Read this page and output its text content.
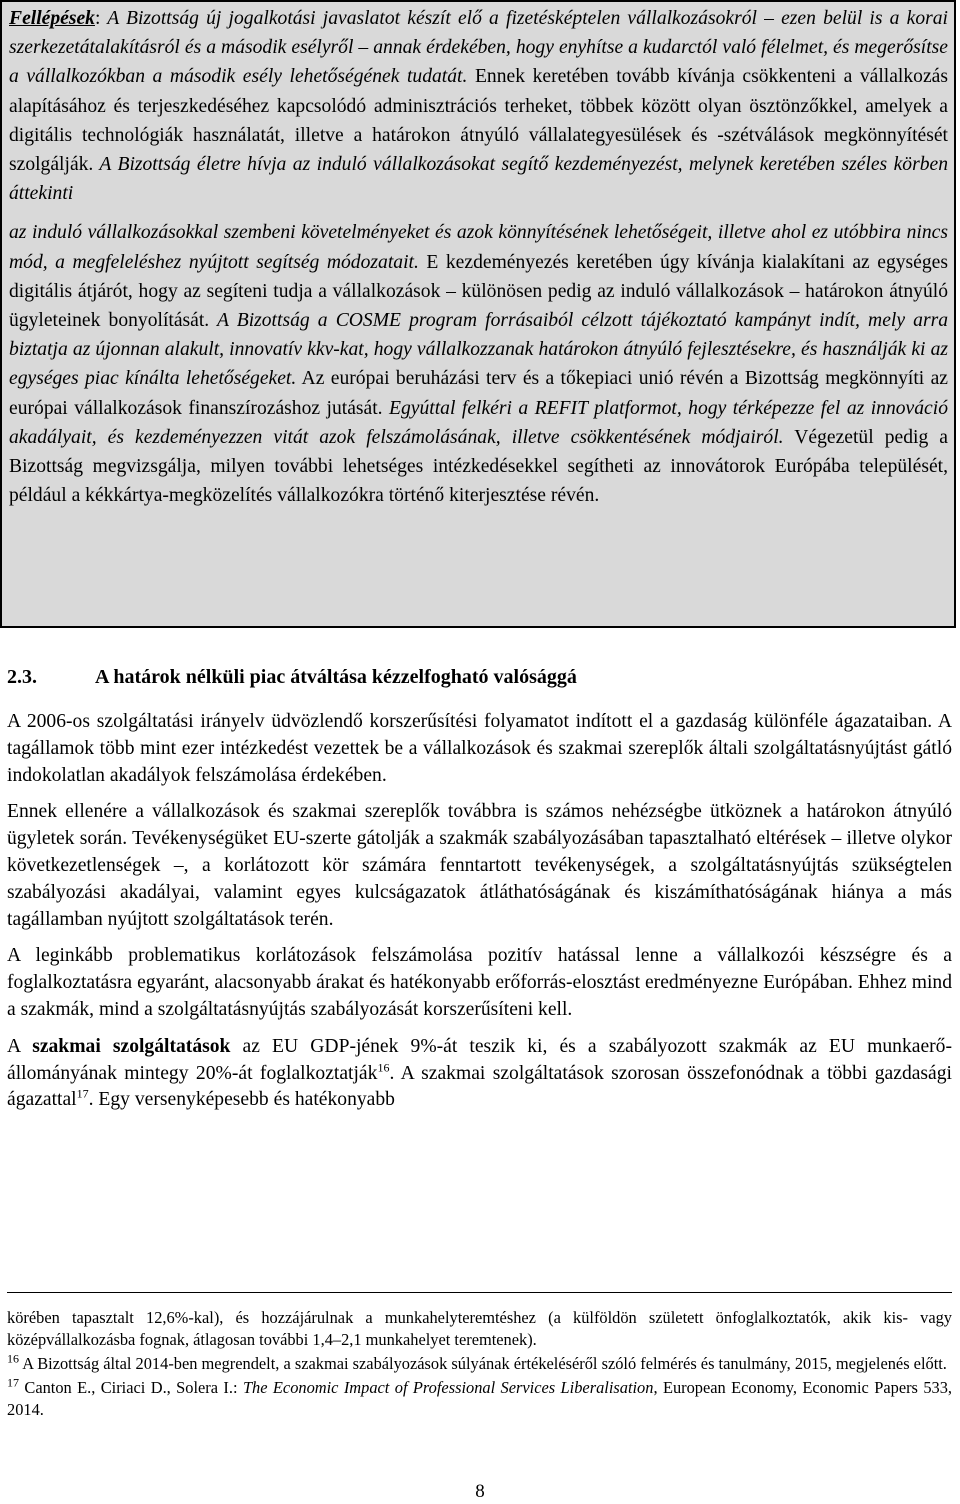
Fellépések: A Bizottság új jogalkotási javaslatot készít elő a fizetésképtelen vállalkozásokról – ezen belül is a korai szerkezetátalakításról és a második esélyről – annak érdekében, hogy enyhítse a kudarctól való félelmet, és megerősítse a vállalkozókban a második esély lehetőségének tudatát. Ennek keretében tovább kívánja csökkenteni a vállalkozás alapításához és terjeszkedéséhez kapcsolódó adminisztrációs terheket, többek között olyan ösztönzőkkel, amelyek a digitális technológiák használatát, illetve a határokon átnyúló vállalategyesülések és -szétválások megkönnyítését szolgálják. A Bizottság életre hívja az induló vállalkozásokat segítő kezdeményezést, melynek keretében széles körben áttekinti

az induló vállalkozásokkal szembeni követelményeket és azok könnyítésének lehetőségeit, illetve ahol ez utóbbira nincs mód, a megfeleléshez nyújtott segítség módozatait. E kezdeményezés keretében úgy kívánja kialakítani az egységes digitális átjárót, hogy az segíteni tudja a vállalkozások – különösen pedig az induló vállalkozások – határokon átnyúló ügyleteinek bonyolítását. A Bizottság a COSME program forrásaiból célzott tájékoztató kampányt indít, mely arra biztatja az újonnan alakult, innovatív kkv-kat, hogy vállalkozzanak határokon átnyúló fejlesztésekre, és használják ki az egységes piac kínálta lehetőségeket. Az európai beruházási terv és a tőkepiaci unió révén a Bizottság megkönnyíti az európai vállalkozások finanszírozáshoz jutását. Egyúttal felkéri a REFIT platformot, hogy térképezze fel az innováció akadályait, és kezdeményezzen vitát azok felszámolásának, illetve csökkentésének módjairól. Végezetül pedig a Bizottság megvizsgálja, milyen további lehetséges intézkedésekkel segítheti az innovátorok Európába települését, például a kékkártya-megközelítés vállalkozókra történő kiterjesztése révén.

2.3.	A határok nélküli piac átváltása kézzelfogható valósággá

A 2006-os szolgáltatási irányelv üdvözlendő korszerűsítési folyamatot indított el a gazdaság különféle ágazataiban. A tagállamok több mint ezer intézkedést vezettek be a vállalkozások és szakmai szereplők általi szolgáltatásnyújtást gátló indokolatlan akadályok felszámolása érdekében.

Ennek ellenére a vállalkozások és szakmai szereplők továbbra is számos nehézségbe ütköznek a határokon átnyúló ügyletek során. Tevékenységüket EU-szerte gátolják a szakmák szabályozásában tapasztalható eltérések – illetve olykor következetlenségek –, a korlátozott kör számára fenntartott tevékenységek, a szolgáltatásnyújtás szükségtelen szabályozási akadályai, valamint egyes kulcságazatok átláthatóságának és kiszámíthatóságának hiánya a más tagállamban nyújtott szolgáltatások terén.

A leginkább problematikus korlátozások felszámolása pozitív hatással lenne a vállalkozói készségre és a foglalkoztatásra egyaránt, alacsonyabb árakat és hatékonyabb erőforrás-elosztást eredményezne Európában. Ehhez mind a szakmák, mind a szolgáltatásnyújtás szabályozását korszerűsíteni kell.

A szakmai szolgáltatások az EU GDP-jének 9%-át teszik ki, és a szabályozott szakmák az EU munkaerő-állományának mintegy 20%-át foglalkoztatják$^{16}$. A szakmai szolgáltatások szorosan összefonódnak a többi gazdasági ágazattal$^{17}$. Egy versenyképesebb és hatékonyabb

körében tapasztalt 12,6%-kal), és hozzájárulnak a munkahelyteremtéshez (a külföldön született önfoglalkoztatók, akik kis- vagy középvállalkozásba fognak, átlagosan további 1,4–2,1 munkahelyet teremtenek).

$^{16}$ A Bizottság által 2014-ben megrendelt, a szakmai szabályozások súlyának értékeléséről szóló felmérés és tanulmány, 2015, megjelenés előtt.

$^{17}$ Canton E., Ciriaci D., Solera I.: The Economic Impact of Professional Services Liberalisation, European Economy, Economic Papers 533, 2014.

8
